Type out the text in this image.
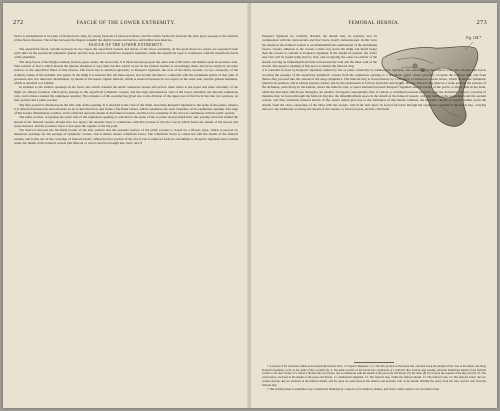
272	FASCIÆ OF THE LOWER EXTREMITY.

fascia is strengthened at its point of division into slips, by strong fasciculi of transverse fibres, and the arches formed in between the slips gives passage to the tendons of the flexor muscles. The arches between the fingers transmit the digital vessels and nerves, and lumbricales muscles.

FASCIÆ OF THE LOWER EXTREMITY.

The superficial fascia contains between its two layers the superficial vessels and nerves of the lower extremity. At the groin these two layers are separated from each other by the superficial lymphatic glands, and the deep layer is attached to Poupart's ligament, while the superficial layer is continuous with the superficial fascia of the abdomen.

The deep fascia of the thigh is named, from its great extent, the fascia lata; it is thick and strong upon the outer side of the limb, and thinner upon its posterior side. That portion of fascia which invests the gluteus maximus is very thin, but that which covers in the gluteus medius is exceedingly thick, and gives origin by its inner surface, to the superficial fibres of that muscle. The fascia lata is attached superiorly to Poupart's ligament, the crest of the ilium, sacrum, coccyx, tuberosity of the ischium, ramus of the ischium, and pubes; in the thigh it is inserted into the linea aspera, and around the knee is connected with the prominent points of that joint. It possesses also two muscular attachments, by means of the tensor vaginæ femoris, which is inserted between its two layers on the outer side, and the gluteus maximus, which is attached to it behind.

In addition to the smaller openings in the fascia lata which transmit the small cutaneous vessels and nerves, there exists at the upper and inner extremity of the thigh, an oblique foramen, which gives passage to the superficial lymphatic vessels, and the large subcutaneous vein of the lower extremity, the internal saphenous vein, and is thence named the saphenous opening. The existence of this opening has given rise to the division of the upper part of the fascia lata into two portions, an iliac portion and a pubic portion.

The iliac portion is situated upon the iliac side of the opening. It is attached to the crest of the ilium, and along Poupart's ligament to the spine of the pubes, whence it is reflected downwards and outwards, in an arched direction, and forms a falciform border, which constitutes the outer boundary of the saphenous opening. The edge of this border immediately overlies, and is reflected upon the sheath of the femoral vessels, and the lower extremity of the curve is continuous with the pubic portion.

The pubic portion, occupying the pubic side of the saphenous opening, is attached to the spine of the os pubis and pectineal line; and, passing outwards behind the sheath of the femoral vessels, divides into two layers; the anterior layer is continuous with that portion of the iliac fascia which forms the sheath of the iliacus and psoas muscles, and the posterior layer is lost upon the capsule of the hip joint.

The interval between the falciform border of the iliac portion and the opposite surface of the pubic portion is closed by a fibrous layer, which is pierced by numerous openings for the passage of lymphatic vessels, and is thence named cribriform fascia. The cribriform fascia is connected with the sheath of the femoral vessels, and forms one of the coverings of femoral hernia. When the iliac portion of the fascia lata is removed from its attachment to Poupart's ligament and is turned aside, the sheath of the femoral vessels (the femoral or crural canal) is brought into view; and if

FEMORAL HERNIA.	273
Fig. 144.*

Poupart's ligament be carefully divided, the sheath may be isolated, and its continuation with the transversalis and iliac fascia clearly demonstrated. In this view the sheath of the femoral vessels is an infundibuliform continuation of the abdominal fasciæ, closely adherent to the vessels a little way down the thigh, but much larger than the vessels it contains at Poupart's ligament. If the sheath be opened, the artery and vein will be found lying side by side, and occupying the outer two-thirds of the sheath, leaving an infundibuliform interval between the vein and the inner wall of the sheath. The superior opening of this space is named the femoral ring;

it is bounded in front by Poupart's ligament, behind by the os pubis, internally by Gimbernat's ligament, and externally by the femoral vein. The internal thin fascia covering the passage of the superficial lymphatic vessels from the saphenous opening to a lymphatic gland, which generally occupies the femoral ring; and from thence they proceed into the current of the deep lymphatics. The femoral ring is closed merely by a thin layer of subserous areolar tissue, which retains the lymphatic gland in its position, and is named septum crurale; and by the peritoneum. It follows from this description, that the femoral ring must be a weak point in the parietes of the abdomen, particularly in the female, where the femoral arch, or space included between Poupart's ligament and the border of the pelvis, is larger than in the male, while the structures which pass through it are smaller. It happens consequently, that, if violent or continued pressure be made upon the abdominal viscera, a portion of intestine may be forced through the femoral ring into the infundibuliform space in the sheath of the femoral vessels, carrying before it the peritoneum and the septum crurale, and thus constitute femoral hernia. If the causes which give rise to the formation of this hernia continue, the intestine, unable to extend further down the sheath, from the close connection of the latter with the vessels, will in the next place be forced forwards through the saphenous opening in the fascia lata, carrying before it one additional covering, the sheath of the vessels, or fascia propria, and the cribriform

* A section of the structures which pass beneath the femoral arch. 1. Poupart's ligament. 2, 2. The iliac portion of the fascia lata, attached along the margin of the crest of the ilium, and along Poupart's ligament, as far as the spine of the os pubis (3). 4. The pubic portion of the fascia lata, continuous at 5 with the iliac portion, and passing outwards behind the sheath of the femoral vessels to its outer border at 5, where it divides into two layers; one is continuous with the sheath of the psoas (6) and iliacus (7); the other (8) is lost upon the capsule of the hip joint (9). 10. The crural nerve, enclosed in the sheath of the psoas and iliacus. 11. Gimbernat's ligament. 12. The femoral ring, within the femoral sheath. 13. The femoral vein. 14. The femoral artery; the two vessels and the ring are enclosed in the femoral sheath, and the septa are seen between the anterior and posterior wall of the sheath, dividing the artery from the vein, and the vein from the femoral ring.

† This arching tissue is sometimes very considerably thickened by a deposit of fat within its meshes, and forms a thick cushion over the femoral ring.
